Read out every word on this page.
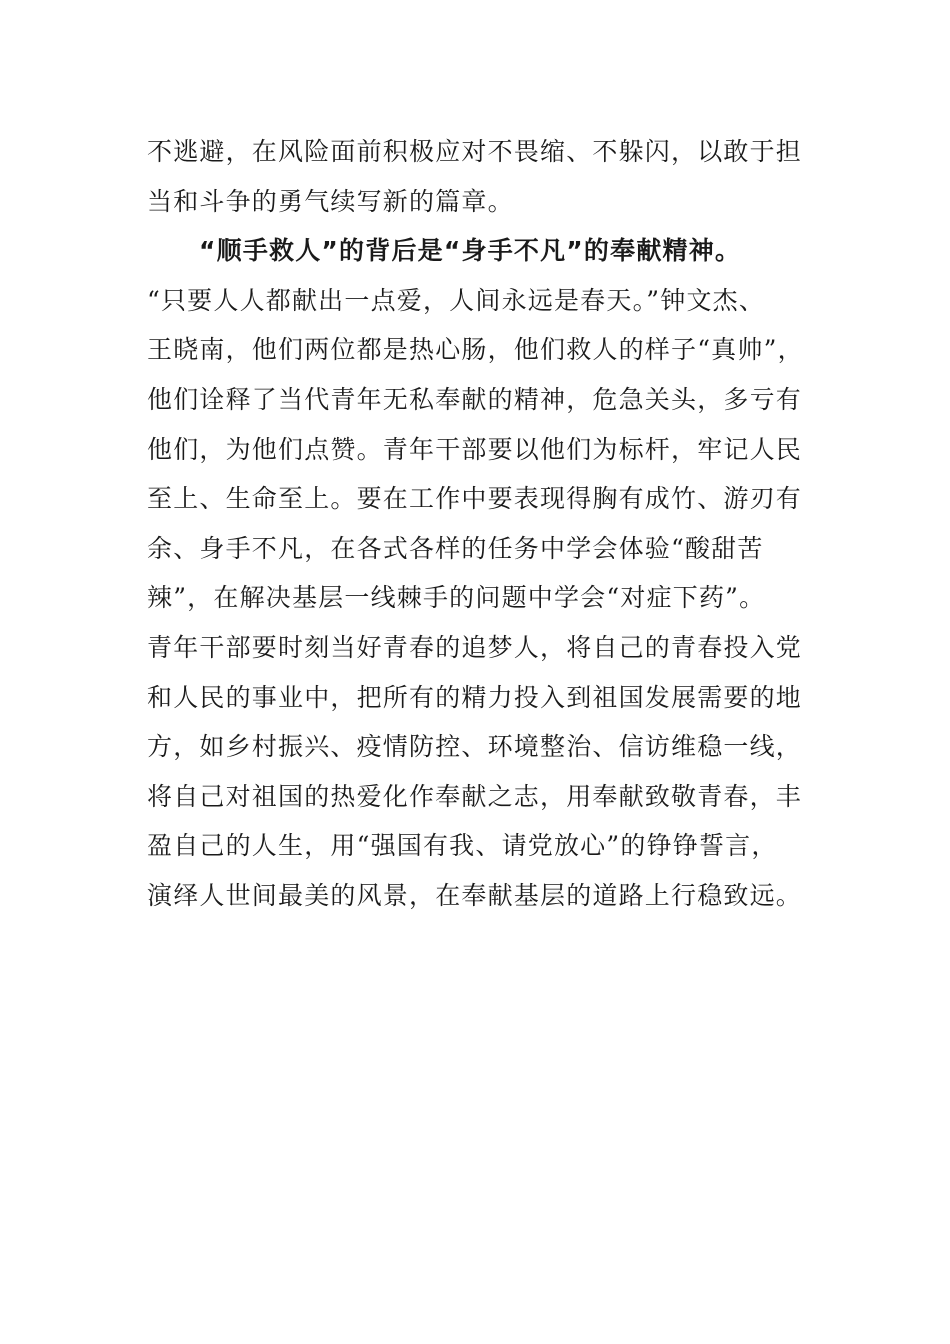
不逃避，在风险面前积极应对不畏缩、不躲闪，以敢于担
当和斗争的勇气续写新的篇章。
“顺手救人”的背后是“身手不凡”的奉献精神。
“只要人人都献出一点爱，人间永远是春天。”钟文杰、
王晓南，他们两位都是热心肠，他们救人的样子“真帅”，
他们诠释了当代青年无私奉献的精神，危急关头，多亏有
他们，为他们点赞。青年干部要以他们为标杆，牢记人民
至上、生命至上。要在工作中要表现得胸有成竹、游刃有
余、身手不凡，在各式各样的任务中学会体验“酸甜苦
辣”，在解决基层一线棘手的问题中学会“对症下药”。
青年干部要时刻当好青春的追梦人，将自己的青春投入党
和人民的事业中，把所有的精力投入到祖国发展需要的地
方，如乡村振兴、疫情防控、环境整治、信访维稳一线，
将自己对祖国的热爱化作奉献之志，用奉献致敬青春，丰
盈自己的人生，用“强国有我、请党放心”的铮铮誓言，
演绎人世间最美的风景，在奉献基层的道路上行稳致远。
